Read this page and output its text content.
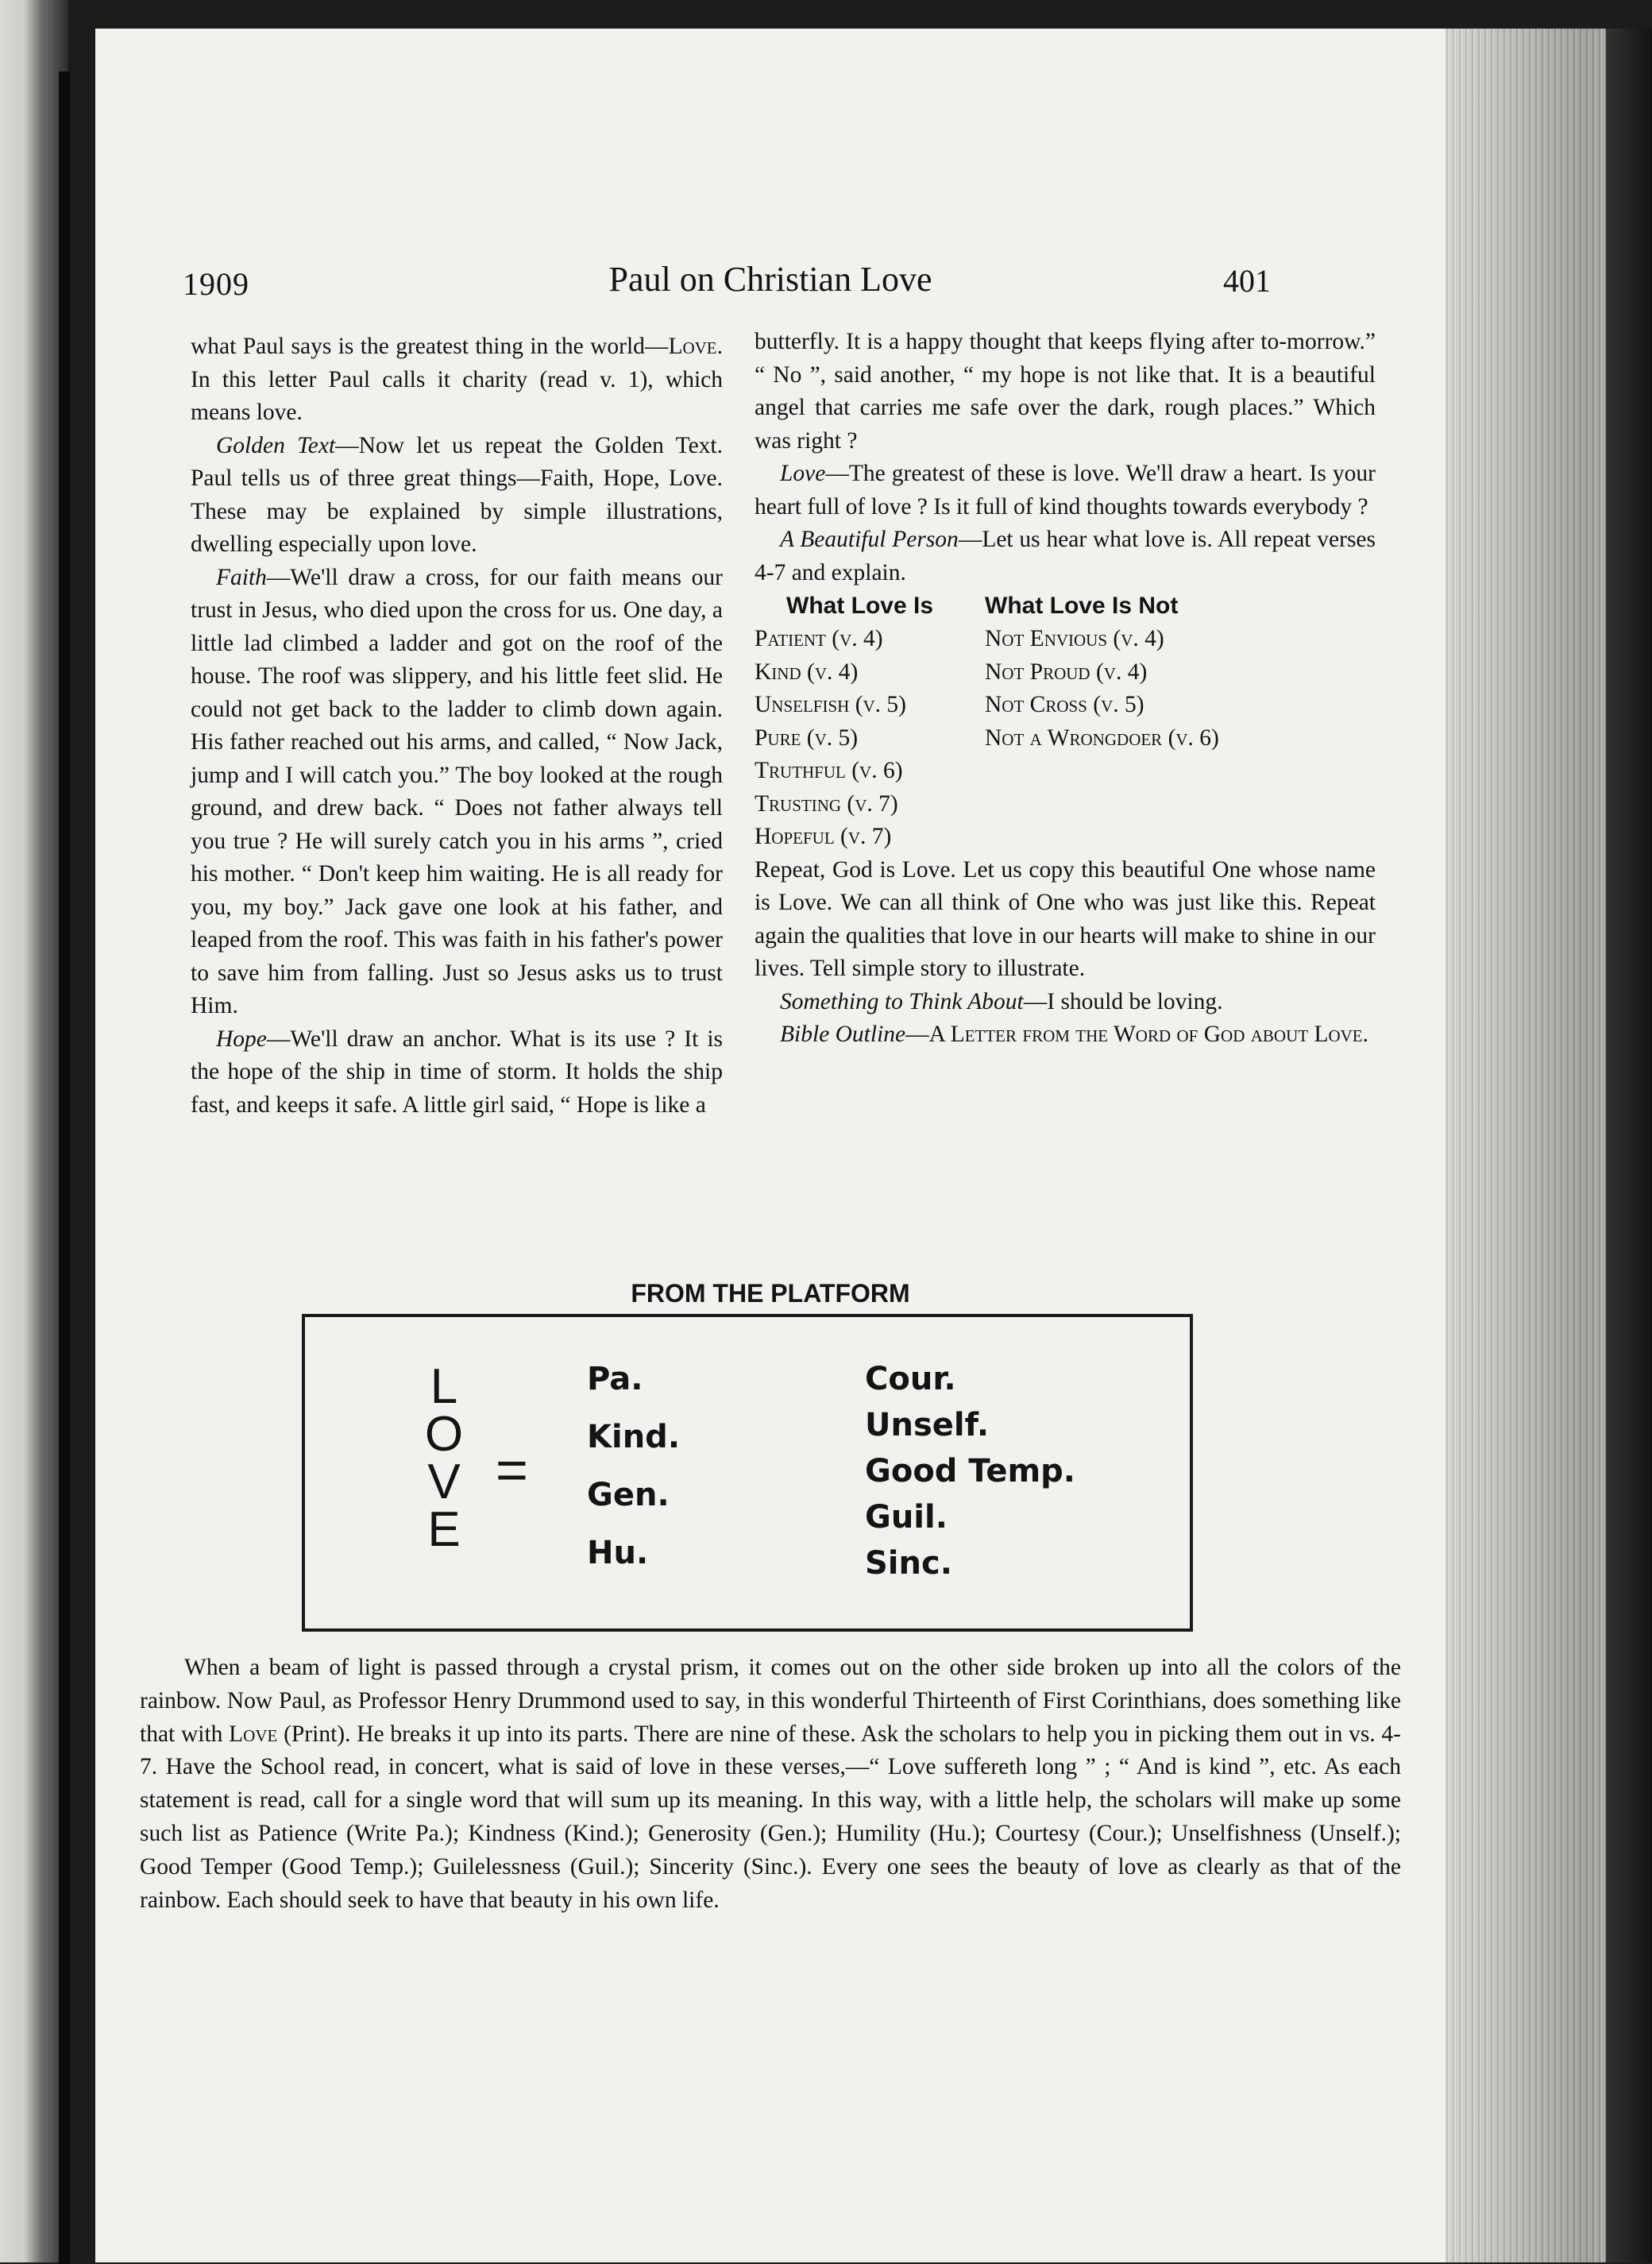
1909	Paul on Christian Love	401

what Paul says is the greatest thing in the world—Love. In this letter Paul calls it charity (read v. 1), which means love.

Golden Text—Now let us repeat the Golden Text. Paul tells us of three great things—Faith, Hope, Love. These may be explained by simple illustrations, dwelling especially upon love.

Faith—We'll draw a cross, for our faith means our trust in Jesus, who died upon the cross for us. One day, a little lad climbed a ladder and got on the roof of the house. The roof was slippery, and his little feet slid. He could not get back to the ladder to climb down again. His father reached out his arms, and called, “ Now Jack, jump and I will catch you.” The boy looked at the rough ground, and drew back. “ Does not father always tell you true ? He will surely catch you in his arms ”, cried his mother. “ Don't keep him waiting. He is all ready for you, my boy.” Jack gave one look at his father, and leaped from the roof. This was faith in his father's power to save him from falling. Just so Jesus asks us to trust Him.

Hope—We'll draw an anchor. What is its use ? It is the hope of the ship in time of storm. It holds the ship fast, and keeps it safe. A little girl said, “ Hope is like a

butterfly. It is a happy thought that keeps flying after to-morrow.” “ No ”, said another, “ my hope is not like that. It is a beautiful angel that carries me safe over the dark, rough places.” Which was right ?

Love—The greatest of these is love. We'll draw a heart. Is your heart full of love ? Is it full of kind thoughts towards everybody ?

A Beautiful Person—Let us hear what love is. All repeat verses 4-7 and explain.

What Love Is	What Love Is Not
Patient (v. 4)	Not Envious (v. 4)
Kind (v. 4)	Not Proud (v. 4)
Unselfish (v. 5)	Not Cross (v. 5)
Pure (v. 5)	Not a Wrongdoer (v. 6)
Truthful (v. 6)
Trusting (v. 7)
Hopeful (v. 7)

Repeat, God is Love. Let us copy this beautiful One whose name is Love. We can all think of One who was just like this. Repeat again the qualities that love in our hearts will make to shine in our lives. Tell simple story to illustrate.

Something to Think About—I should be loving.

Bible Outline—A Letter from the Word of God about Love.

FROM THE PLATFORM
L
O
V
E
=
Pa.
Kind.
Gen.
Hu.
Cour.
Unself.
Good Temp.
Guil.
Sinc.

When a beam of light is passed through a crystal prism, it comes out on the other side broken up into all the colors of the rainbow. Now Paul, as Professor Henry Drummond used to say, in this wonderful Thirteenth of First Corinthians, does something like that with Love (Print). He breaks it up into its parts. There are nine of these. Ask the scholars to help you in picking them out in vs. 4-7. Have the School read, in concert, what is said of love in these verses,—“ Love suffereth long ” ; “ And is kind ”, etc. As each statement is read, call for a single word that will sum up its meaning. In this way, with a little help, the scholars will make up some such list as Patience (Write Pa.); Kindness (Kind.); Generosity (Gen.); Humility (Hu.); Courtesy (Cour.); Unselfishness (Unself.); Good Temper (Good Temp.); Guilelessness (Guil.); Sincerity (Sinc.). Every one sees the beauty of love as clearly as that of the rainbow. Each should seek to have that beauty in his own life.
